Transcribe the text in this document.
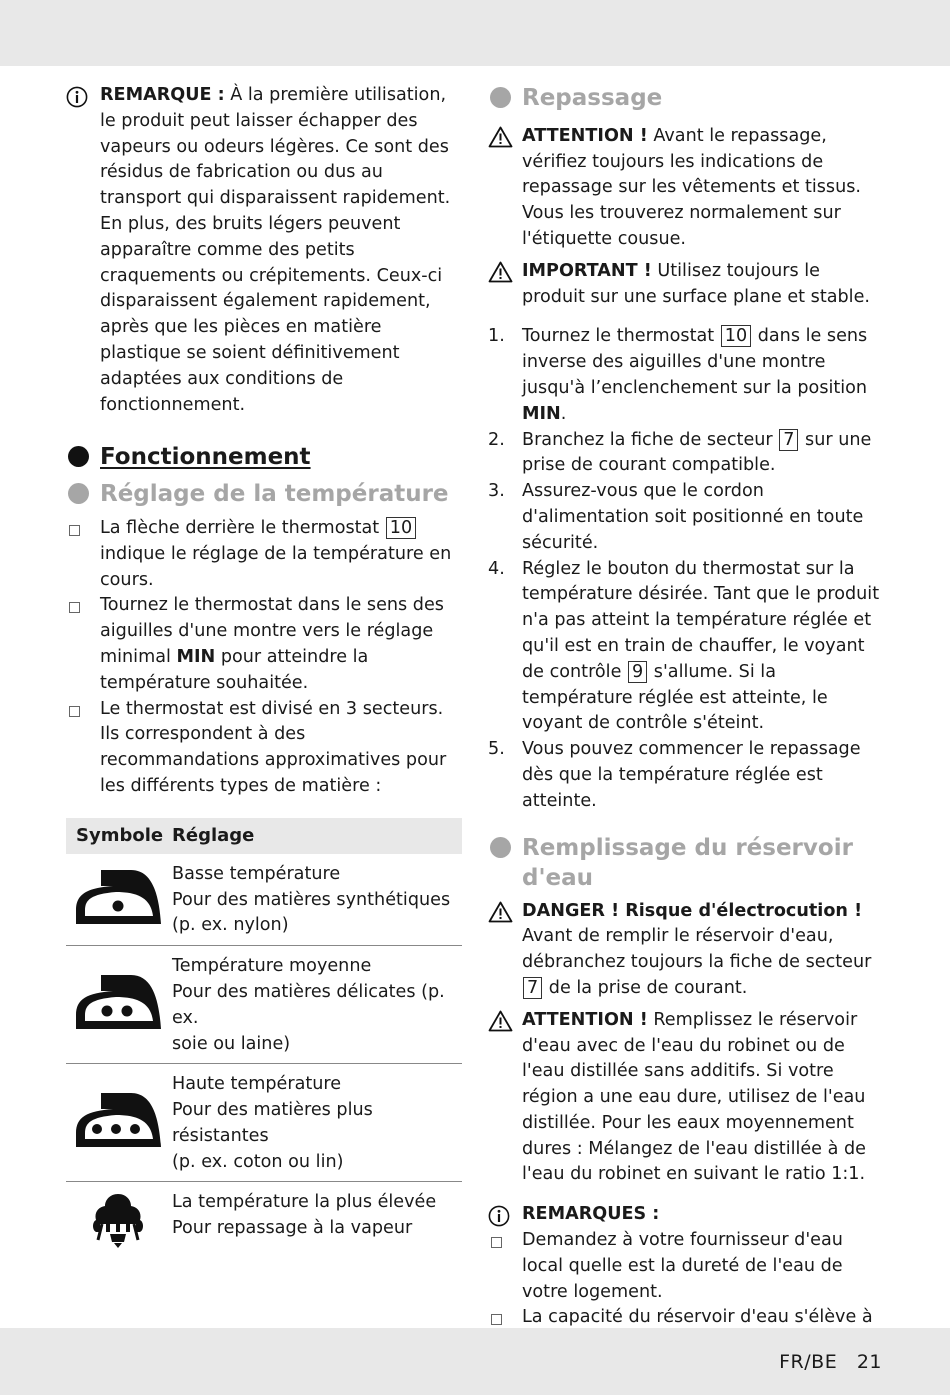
REMARQUE : À la première utilisation, le produit peut laisser échapper des vapeurs ou odeurs légères. Ce sont des résidus de fabrication ou dus au transport qui disparaissent rapidement. En plus, des bruits légers peuvent apparaître comme des petits craquements ou crépitements. Ceux-ci disparaissent également rapidement, après que les pièces en matière plastique se soient définitivement adaptées aux conditions de fonctionnement.
Fonctionnement
Réglage de la température
La flèche derrière le thermostat 10 indique le réglage de la température en cours.
Tournez le thermostat dans le sens des aiguilles d'une montre vers le réglage minimal MIN pour atteindre la température souhaitée.
Le thermostat est divisé en 3 secteurs. Ils correspondent à des recommandations approximatives pour les différents types de matière :
Symbole	Réglage

Basse température
Pour des matières synthétiques
(p. ex. nylon)

Température moyenne
Pour des matières délicates (p. ex.
soie ou laine)

Haute température
Pour des matières plus résistantes
(p. ex. coton ou lin)

La température la plus élevée
Pour repassage à la vapeur
Repassage
ATTENTION ! Avant le repassage, vérifiez toujours les indications de repassage sur les vêtements et tissus. Vous les trouverez normalement sur l'étiquette cousue.
IMPORTANT ! Utilisez toujours le produit sur une surface plane et stable.
1. Tournez le thermostat 10 dans le sens inverse des aiguilles d'une montre jusqu'à l’enclenchement sur la position MIN.
2. Branchez la fiche de secteur 7 sur une prise de courant compatible.
3. Assurez-vous que le cordon d'alimentation soit positionné en toute sécurité.
4. Réglez le bouton du thermostat sur la température désirée. Tant que le produit n'a pas atteint la température réglée et qu'il est en train de chauffer, le voyant de contrôle 9 s'allume. Si la température réglée est atteinte, le voyant de contrôle s'éteint.
5. Vous pouvez commencer le repassage dès que la température réglée est atteinte.
Remplissage du réservoir
d'eau
DANGER ! Risque d'électrocution !
Avant de remplir le réservoir d'eau, débranchez toujours la fiche de secteur 7 de la prise de courant.
ATTENTION ! Remplissez le réservoir d'eau avec de l'eau du robinet ou de l'eau distillée sans additifs. Si votre région a une eau dure, utilisez de l'eau distillée. Pour les eaux moyennement dures : Mélangez de l'eau distillée à de l'eau du robinet en suivant le ratio 1:1.
REMARQUES :
Demandez à votre fournisseur d'eau local quelle est la dureté de l'eau de votre logement.
La capacité du réservoir d'eau s'élève à
FR/BE   21
